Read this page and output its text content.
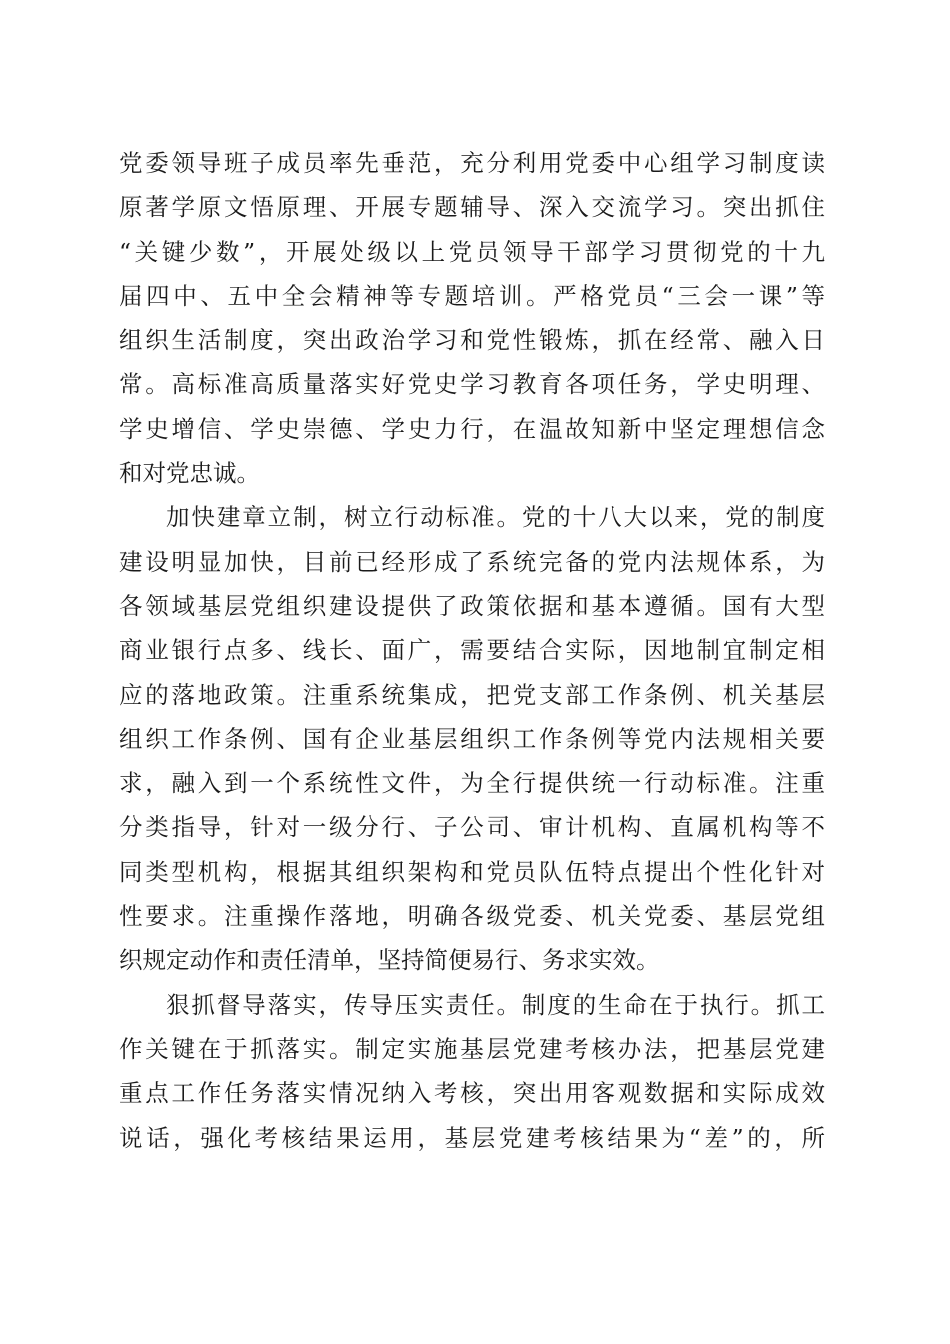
党委领导班子成员率先垂范，充分利用党委中心组学习制度读
原著学原文悟原理、开展专题辅导、深入交流学习。突出抓住
“关键少数”，开展处级以上党员领导干部学习贯彻党的十九
届四中、五中全会精神等专题培训。严格党员“三会一课”等
组织生活制度，突出政治学习和党性锻炼，抓在经常、融入日
常。高标准高质量落实好党史学习教育各项任务，学史明理、
学史增信、学史崇德、学史力行，在温故知新中坚定理想信念
和对党忠诚。
加快建章立制，树立行动标准。党的十八大以来，党的制度
建设明显加快，目前已经形成了系统完备的党内法规体系，为
各领域基层党组织建设提供了政策依据和基本遵循。国有大型
商业银行点多、线长、面广，需要结合实际，因地制宜制定相
应的落地政策。注重系统集成，把党支部工作条例、机关基层
组织工作条例、国有企业基层组织工作条例等党内法规相关要
求，融入到一个系统性文件，为全行提供统一行动标准。注重
分类指导，针对一级分行、子公司、审计机构、直属机构等不
同类型机构，根据其组织架构和党员队伍特点提出个性化针对
性要求。注重操作落地，明确各级党委、机关党委、基层党组
织规定动作和责任清单，坚持简便易行、务求实效。
狠抓督导落实，传导压实责任。制度的生命在于执行。抓工
作关键在于抓落实。制定实施基层党建考核办法，把基层党建
重点工作任务落实情况纳入考核，突出用客观数据和实际成效
说话，强化考核结果运用，基层党建考核结果为“差”的，所
